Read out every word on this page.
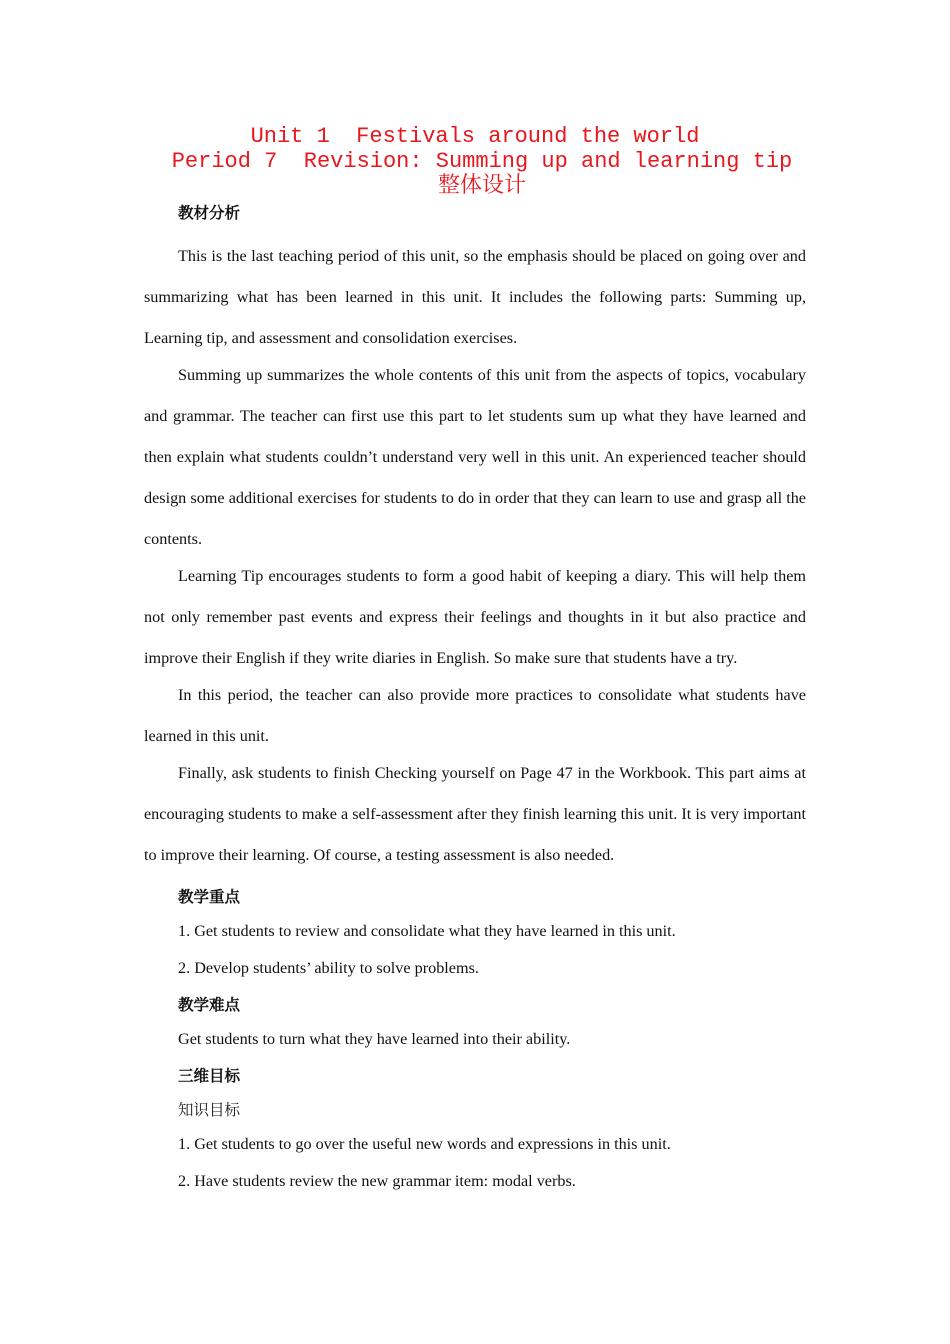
Unit 1  Festivals around the world
Period 7  Revision: Summing up and learning tip整体设计
教材分析

This is the last teaching period of this unit, so the emphasis should be placed on going over and summarizing what has been learned in this unit. It includes the following parts: Summing up, Learning tip, and assessment and consolidation exercises.

Summing up summarizes the whole contents of this unit from the aspects of topics, vocabulary and grammar. The teacher can first use this part to let students sum up what they have learned and then explain what students couldn’t understand very well in this unit. An experienced teacher should design some additional exercises for students to do in order that they can learn to use and grasp all the contents.

Learning Tip encourages students to form a good habit of keeping a diary. This will help them not only remember past events and express their feelings and thoughts in it but also practice and improve their English if they write diaries in English. So make sure that students have a try.

In this period, the teacher can also provide more practices to consolidate what students have learned in this unit.

Finally, ask students to finish Checking yourself on Page 47 in the Workbook. This part aims at encouraging students to make a self-assessment after they finish learning this unit. It is very important to improve their learning. Of course, a testing assessment is also needed.

教学重点
1. Get students to review and consolidate what they have learned in this unit.
2. Develop students’ ability to solve problems.
教学难点
Get students to turn what they have learned into their ability.
三维目标
知识目标
1. Get students to go over the useful new words and expressions in this unit.
2. Have students review the new grammar item: modal verbs.
